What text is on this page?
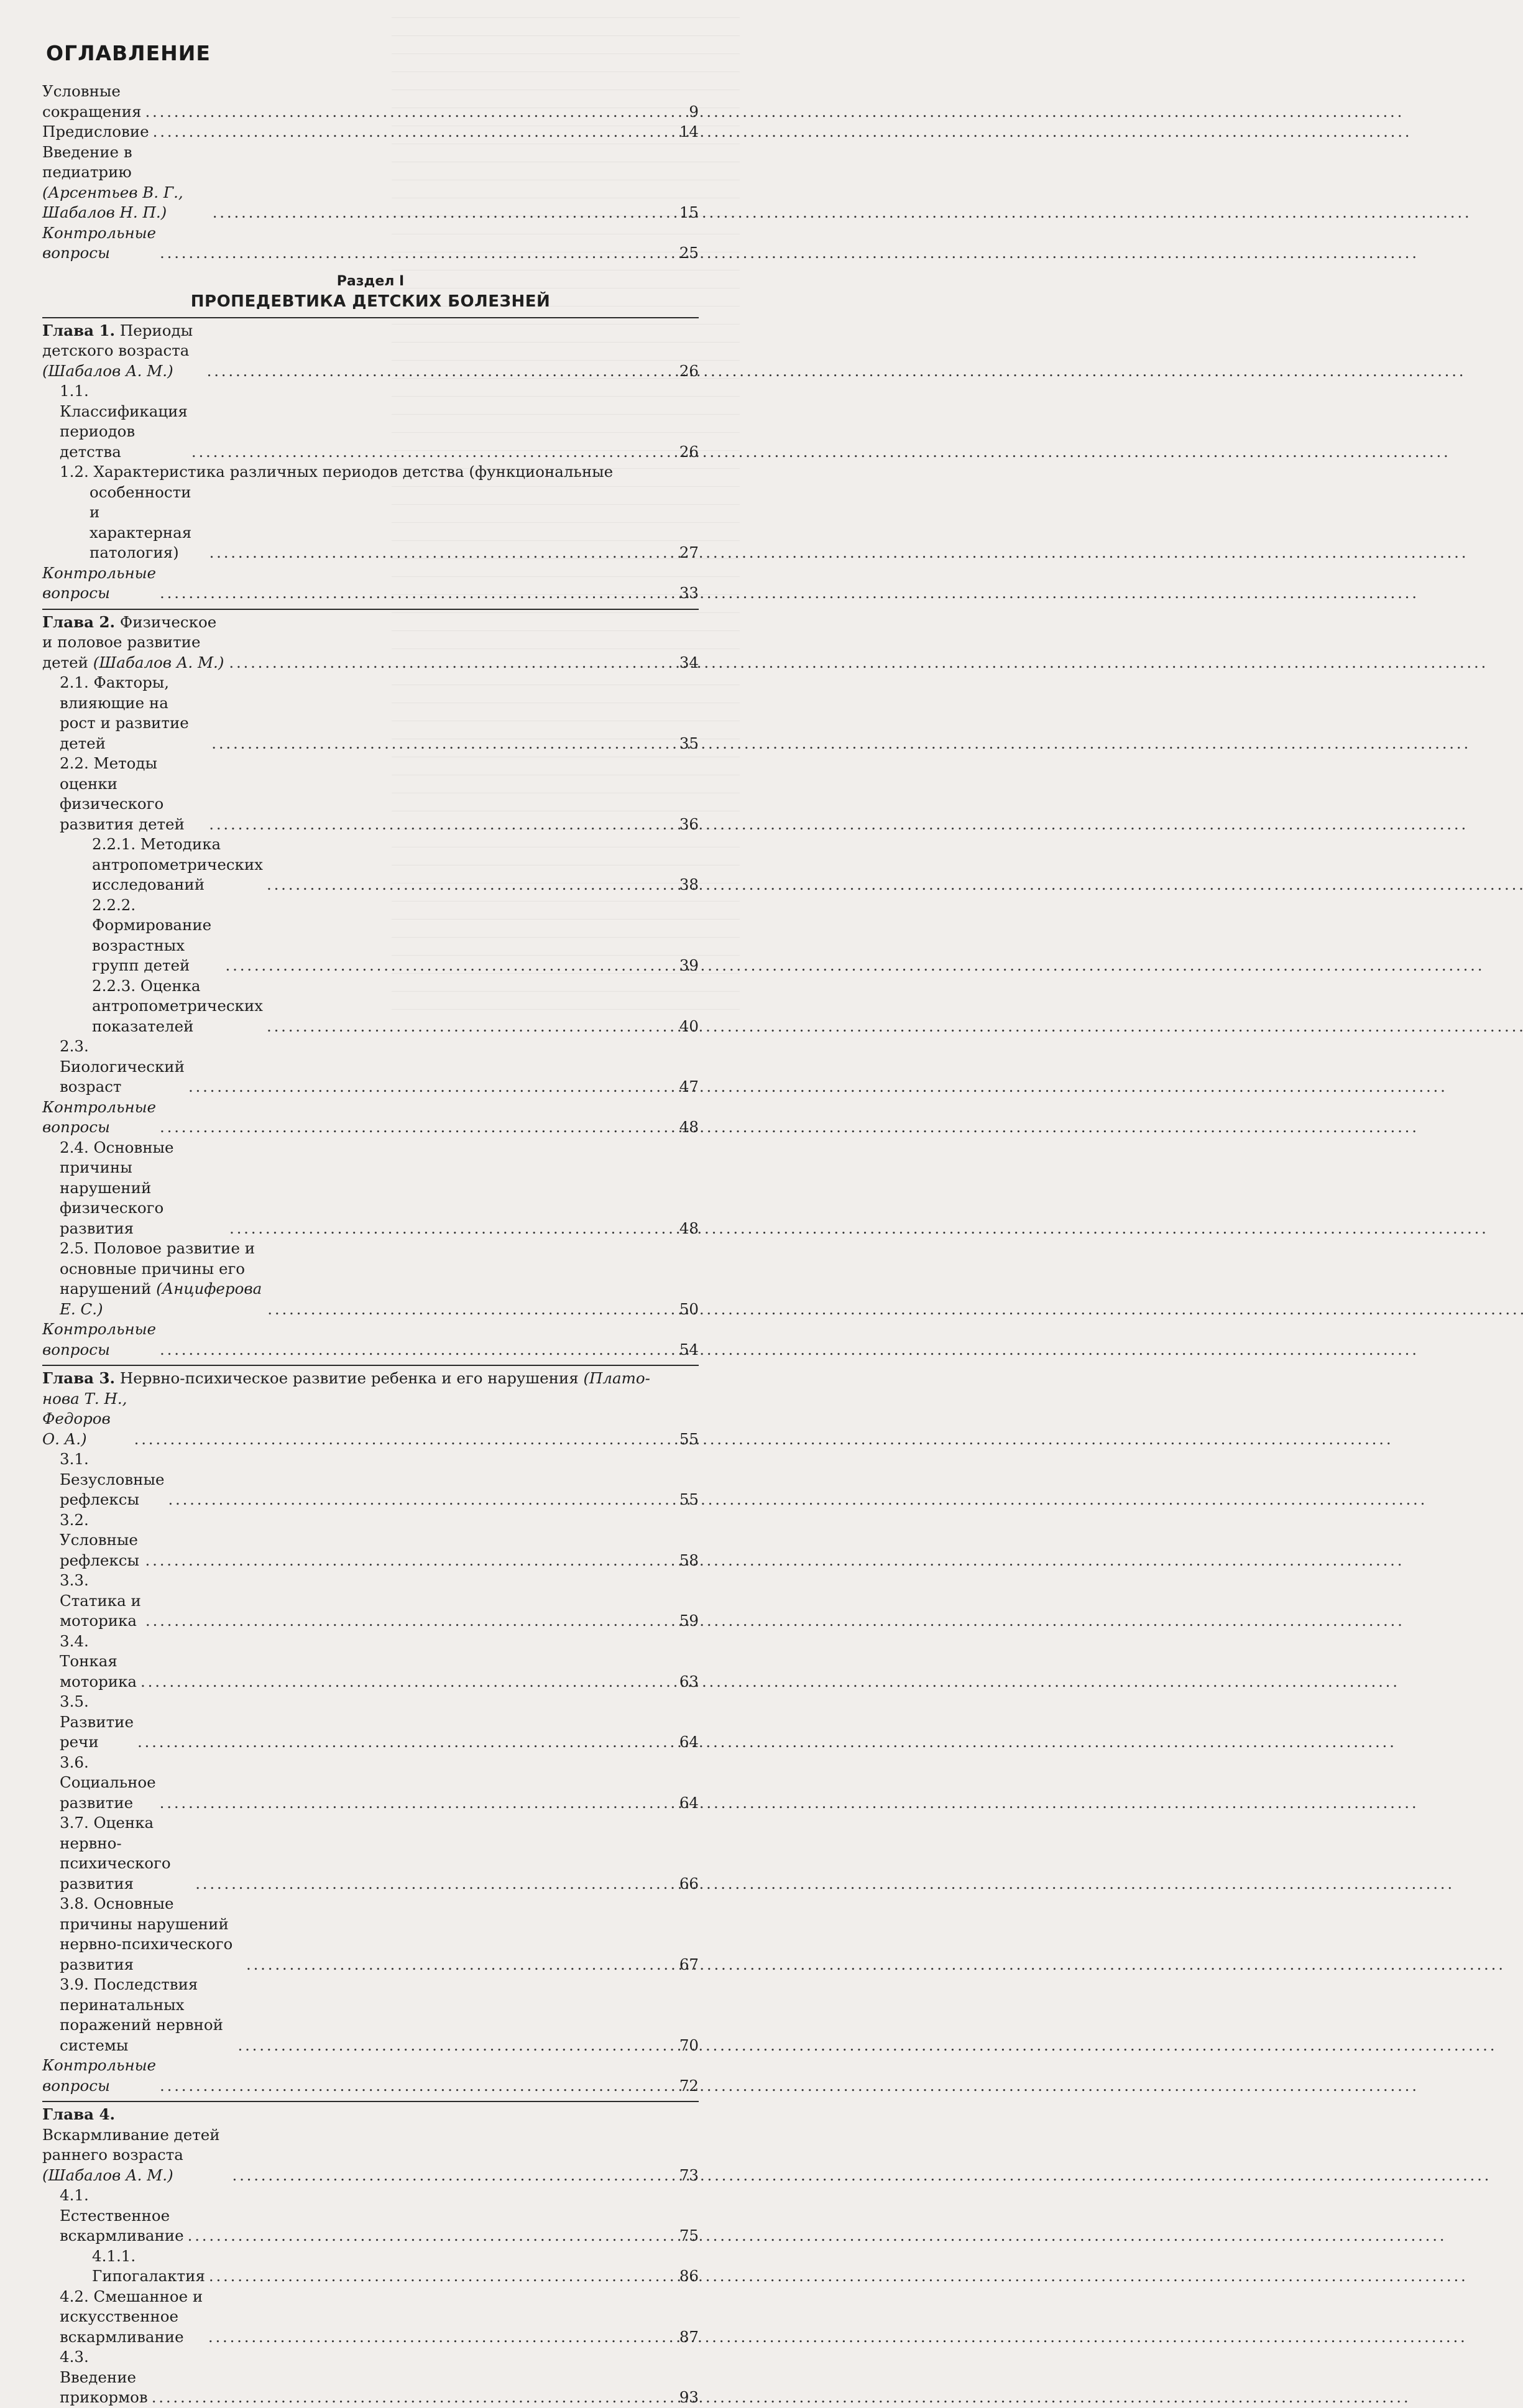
ОГЛАВЛЕНИЕ
Условные сокращения . . .	9
Предисловие . . .	14
Введение в педиатрию (Арсентьев В. Г., Шабалов Н. П.) . . .	15
Контрольные вопросы . . .	25
Раздел I
ПРОПЕДЕВТИКА ДЕТСКИХ БОЛЕЗНЕЙ
Глава 1. Периоды детского возраста (Шабалов А. М.) . . .	26
1.1. Классификация периодов детства . . .	26
1.2. Характеристика различных периодов детства (функциональные
особенности и характерная патология) . . .	27
Контрольные вопросы . . .	33
Глава 2. Физическое и половое развитие детей (Шабалов А. М.) . . .	34
2.1. Факторы, влияющие на рост и развитие детей . . .	35
2.2. Методы оценки физического развития детей . . .	36
2.2.1. Методика антропометрических исследований . . .	38
2.2.2. Формирование возрастных групп детей . . .	39
2.2.3. Оценка антропометрических показателей . . .	40
2.3. Биологический возраст . . .	47
Контрольные вопросы . . .	48
2.4. Основные причины нарушений физического развития . . .	48
2.5. Половое развитие и основные причины его нарушений (Анциферова Е. С.) . . .	50
Контрольные вопросы . . .	54
Глава 3. Нервно-психическое развитие ребенка и его нарушения (Плато-
нова Т. Н., Федоров О. А.) . . .	55
3.1. Безусловные рефлексы . . .	55
3.2. Условные рефлексы . . .	58
3.3. Статика и моторика . . .	59
3.4. Тонкая моторика . . .	63
3.5. Развитие речи . . .	64
3.6. Социальное развитие . . .	64
3.7. Оценка нервно-психического развития . . .	66
3.8. Основные причины нарушений нервно-психического развития . . .	67
3.9. Последствия перинатальных поражений нервной системы . . .	70
Контрольные вопросы . . .	72
Глава 4. Вскармливание детей раннего возраста (Шабалов А. М.) . . .	73
4.1. Естественное вскармливание . . .	75
4.1.1. Гипогалактия . . .	86
4.2. Смешанное и искусственное вскармливание . . .	87
4.3. Введение прикормов . . .	93
